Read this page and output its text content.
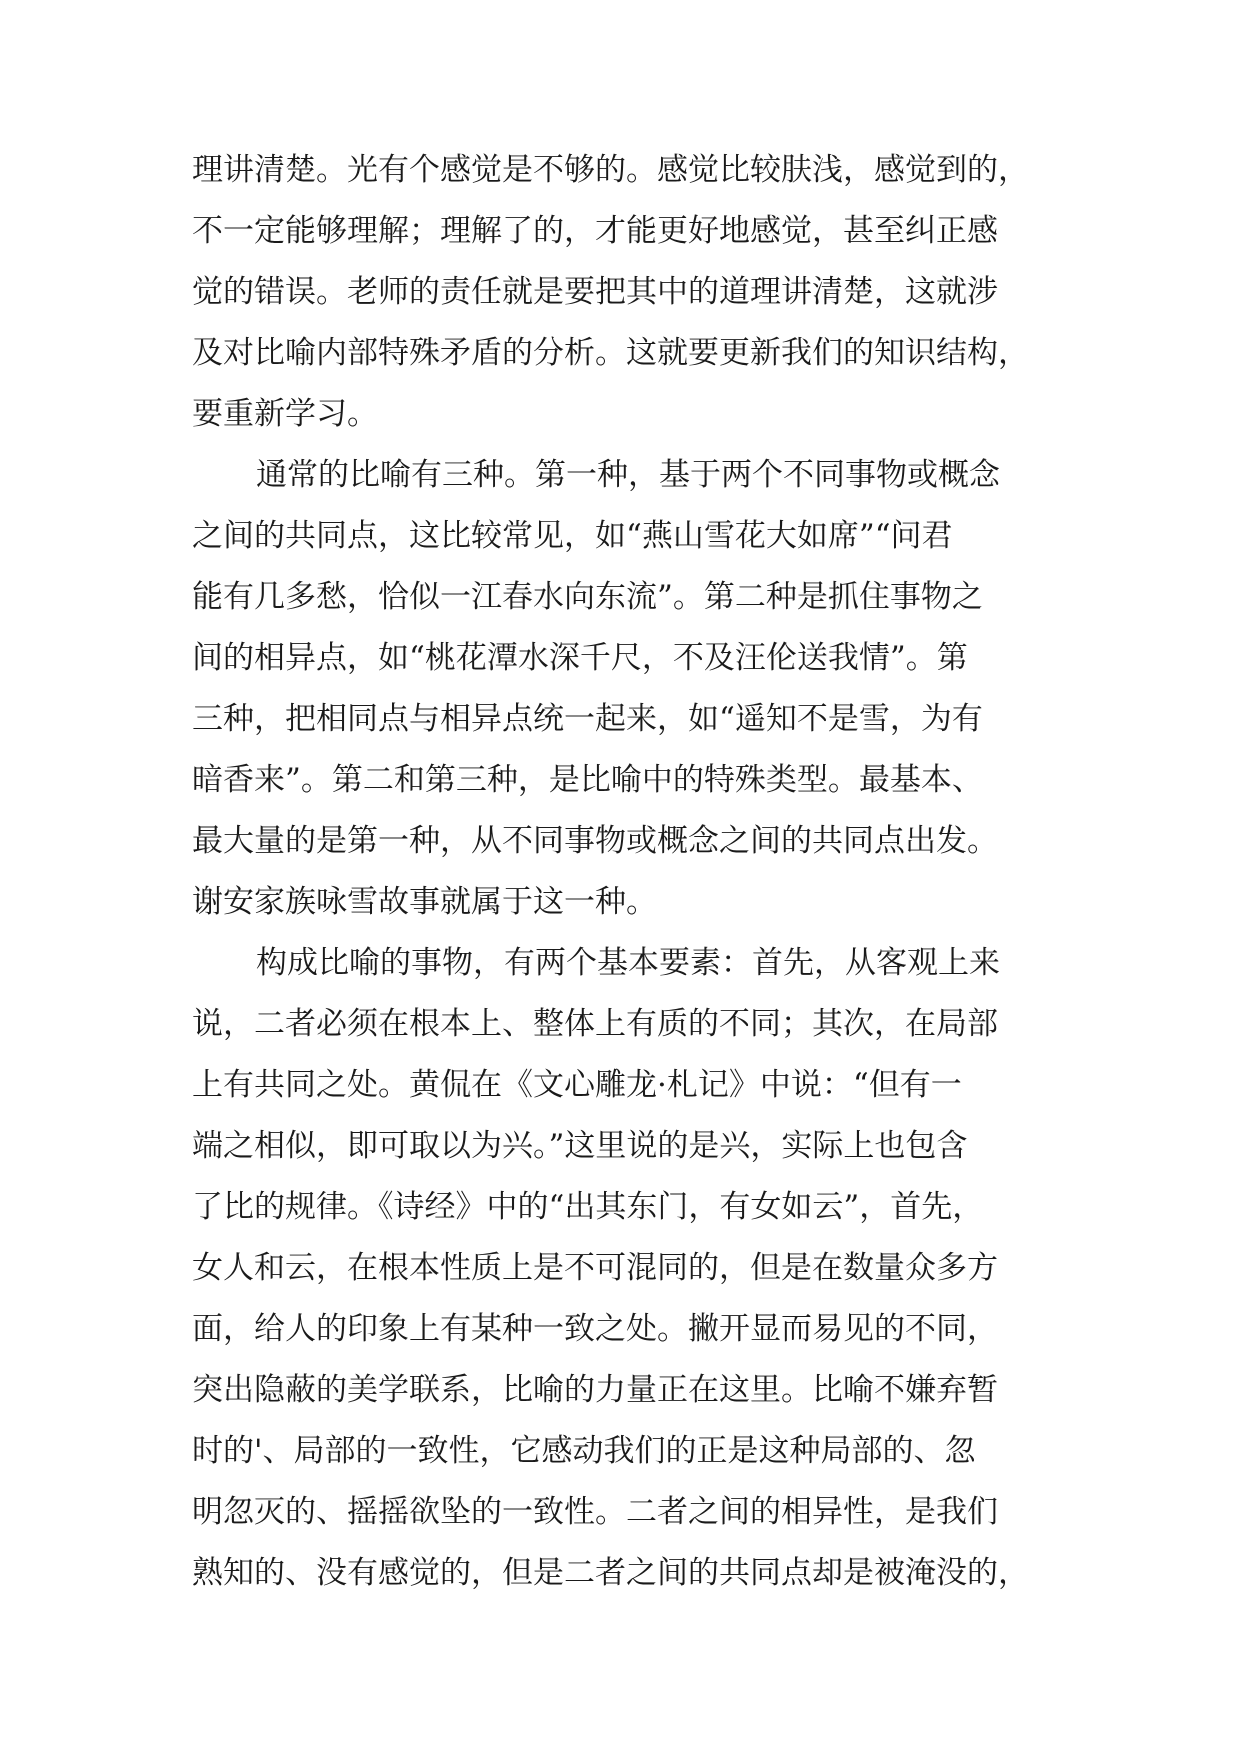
理讲清楚。光有个感觉是不够的。感觉比较肤浅，感觉到的，
不一定能够理解；理解了的，才能更好地感觉，甚至纠正感
觉的错误。老师的责任就是要把其中的道理讲清楚，这就涉
及对比喻内部特殊矛盾的分析。这就要更新我们的知识结构，
要重新学习。
通常的比喻有三种。第一种，基于两个不同事物或概念
之间的共同点，这比较常见，如“燕山雪花大如席”“问君
能有几多愁，恰似一江春水向东流”。第二种是抓住事物之
间的相异点，如“桃花潭水深千尺，不及汪伦送我情”。第
三种，把相同点与相异点统一起来，如“遥知不是雪，为有
暗香来”。第二和第三种，是比喻中的特殊类型。最基本、
最大量的是第一种，从不同事物或概念之间的共同点出发。
谢安家族咏雪故事就属于这一种。
构成比喻的事物，有两个基本要素：首先，从客观上来
说，二者必须在根本上、整体上有质的不同；其次，在局部
上有共同之处。黄侃在《文心雕龙·札记》中说：“但有一
端之相似，即可取以为兴。”这里说的是兴，实际上也包含
了比的规律。《诗经》中的“出其东门，有女如云”，首先，
女人和云，在根本性质上是不可混同的，但是在数量众多方
面，给人的印象上有某种一致之处。撇开显而易见的不同，
突出隐蔽的美学联系，比喻的力量正在这里。比喻不嫌弃暂
时的'、局部的一致性，它感动我们的正是这种局部的、忽
明忽灭的、摇摇欲坠的一致性。二者之间的相异性，是我们
熟知的、没有感觉的，但是二者之间的共同点却是被淹没的，
